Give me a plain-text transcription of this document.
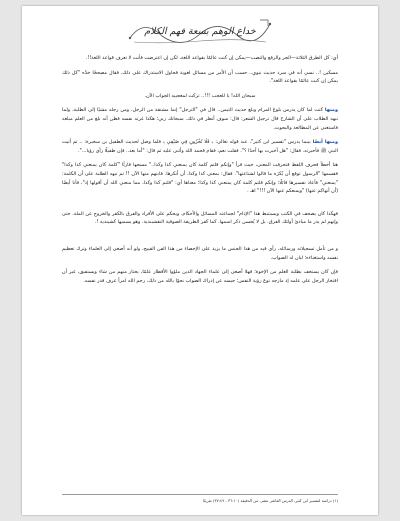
خداع الوهم بسعة فهم الكلام

أي: كل الطرق الثلاثة—الجر والرفع والنصب—يمكن إن كنت عالمًا بقواعد اللغة، لكن إن اعترضت فأنت لا تعرف قواعد اللغة!!.

مسكين !.. نسي أنه في سرد حديث نبوي.. حسب أن الأمر من مسائل لغوية فحاول الاستدراك على ذلك، فقال مصححًا خدّه "كل ذلك يمكن إن كنت عالمًا بقواعد اللغة".

سبحان الله! يا للعجب !!!.. تركت لمعجبيه الجواب الآن.

ومنها كنت لما كان يدرس بلوغ المرام وبلغ حديث التيمن.. قال في "الترجل" إنما مشتقة من الرجل، ومن رجله مشيًا إلى الطلبة، ولما نبهه الطلاب على أن الشارح قال ترجيل الشعر: قال: سوف أنظر في ذلك. سبحانك ربي؛ هكذا غرته نفسه فظن أنه بلغ من العلم مبلغه فاستغنى عن المطالعة والبحوث.

ومنها أيضًا بينما يدرس "تفسير ابن كثير"، عند قوله تعالى: ﴿ فَلَا تُخْزُونِ فِي ضَيْفِي ﴾ فلما وصل لحديث الطفيل بن سخبرة: .. ثم أتيت النبي ﷺ فأخبرته. فقال: "هل أخبرت بها أحدًا ؟". فقلت نعم، فقام فحمد الله وأثنى عليه ثم قال: "أما بعد.. فإن طفيلًا رأى رؤيا...".

هنا أخطأ فحرف اللفظ فتحرفت المعنى، حيث قرأ "وإنكم قلتم كلمة كان يمنعني كذا وكذا.." مسحها قارئًا "كلمة كان يمنعني كذا وكذا" فقسمها "الرسول توقع أن يُكرَه ما قالوا لشناعتها". فقال: بمعنى كذا وكذا، أن أنكرها. فابتهم منها الآن !! ثم نبهه الطلبة على أن الكلمة: "يمنعني" فأعاد تفسيرها قائلًا: وإنكم قلتم كلمة كان يمنعني كذا وكذا؛ معناها أي: "قلتم كذا وكذا، مما منعني الله أن أقولها إذ"، فأنا أيضًا (أن أنهاكم عنها) "ويمنعكم عنها الآن !!!" اهـ .

فهكذا كان يصحف في الكتب ويستنبط هذا "الإدام" لجماعته المسائل والأحكام. ويحكم على الأفراد والفرق بالكفر والخروج عن الملة. حتى وإنهم لم يدر ما مبادئ أولئك الفرق. بل لا يُحسن ذكر اسمها. كما كفر الطريقة الصوفية النقشبندية. وهو يسميها كشيندية !.

و من تأمل تسجيلاته ورسائله، رأى فيه من هذا الجنس ما يزيد على الإحصاء من هذا الفن القبيح، ولو أنه أصغى إلى العلماء وترك تعظيم نفسه واستغناءه؛ لبان له الصواب.

فإن كان يستخف بطلبة العلم من الإخوة؛ فهلا أصغى إلى علماء الجهاد الذين ملؤوا الأقطار علمًا، يختار منهم من شاء ويستفيق، غير أن افتخار الرجل على علمه إذ مازجه نوع رؤية النفس؛ حبسه عن إدراك الصواب نحوًا بالله من ذلك، رحم الله امرأ عرف قدر نفسه.

(١) دراسة لتفسير ابن كثير، الدرس العاشر عشر، من الدقيقة (٣٦:١٠ - ٣٧:٤٩) تقريبًا
